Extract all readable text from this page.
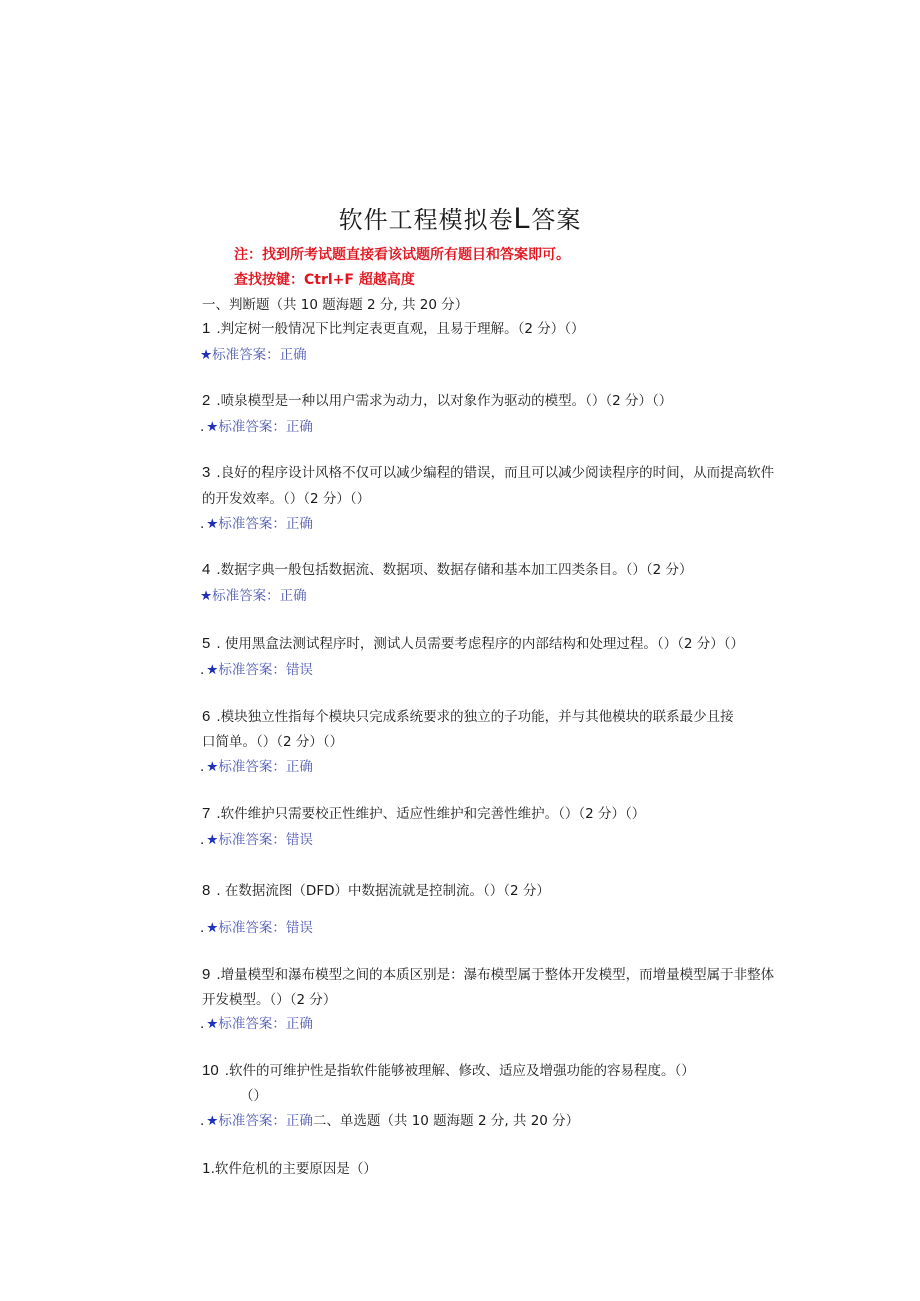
软件工程模拟卷L答案
注：找到所考试题直接看该试题所有题目和答案即可。
查找按键：Ctrl+F 超越高度
一、判断题（共 10 题海题 2 分, 共 20 分）
1 .判定树一般情况下比判定表更直观，且易于理解。（2 分）（）
★标准答案：正确
2 .喷泉模型是一种以用户需求为动力，以对象作为驱动的模型。（）（2 分）（）
. ★标准答案：正确
3 .良好的程序设计风格不仅可以减少编程的错误，而且可以减少阅读程序的时间，从而提高软件
的开发效率。（）（2 分）（）
. ★标准答案：正确
4 .数据字典一般包括数据流、数据项、数据存储和基本加工四类条目。（）（2 分）
★标准答案：正确
5 . 使用黑盒法测试程序时，测试人员需要考虑程序的内部结构和处理过程。（）（2 分）（）
. ★标准答案：错误
6 .模块独立性指每个模块只完成系统要求的独立的子功能，并与其他模块的联系最少且接
口简单。（）（2 分）（）
. ★标准答案：正确
7 .软件维护只需要校正性维护、适应性维护和完善性维护。（）（2 分）（）
. ★标准答案：错误
8 . 在数据流图（DFD）中数据流就是控制流。（）（2 分）
. ★标准答案：错误
9 .增量模型和瀑布模型之间的本质区别是：瀑布模型属于整体开发模型，而增量模型属于非整体
开发模型。（）（2 分）
. ★标准答案：正确
10 .软件的可维护性是指软件能够被理解、修改、适应及增强功能的容易程度。（）
（）
. ★标准答案：正确二、单选题（共 10 题海题 2 分, 共 20 分）
1.软件危机的主要原因是（）
